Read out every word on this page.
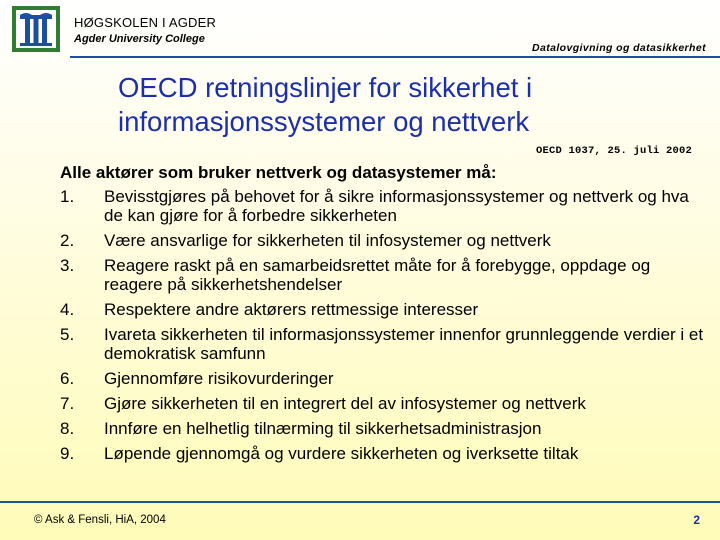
HØGSKOLEN I AGDER
Agder University College
Datalovgivning og datasikkerhet
OECD retningslinjer for sikkerhet i informasjonssystemer og nettverk
OECD 1037, 25. juli 2002
Alle aktører som bruker nettverk og datasystemer må:
1.	Bevisstgjøres på behovet for å sikre informasjonssystemer og nettverk og hva de kan gjøre for å forbedre sikkerheten
2.	Være ansvarlige for sikkerheten til infosystemer og nettverk
3.	Reagere raskt på en samarbeidsrettet måte for å forebygge, oppdage og reagere på sikkerhetshendelser
4.	Respektere andre aktørers rettmessige interesser
5.	Ivareta sikkerheten til informasjonssystemer innenfor grunnleggende verdier i et demokratisk samfunn
6.	Gjennomføre risikovurderinger
7.	Gjøre sikkerheten til en integrert del av infosystemer og nettverk
8.	Innføre en helhetlig tilnærming til sikkerhetsadministrasjon
9.	Løpende gjennomgå og vurdere sikkerheten og iverksette tiltak
© Ask & Fensli, HiA, 2004	2
